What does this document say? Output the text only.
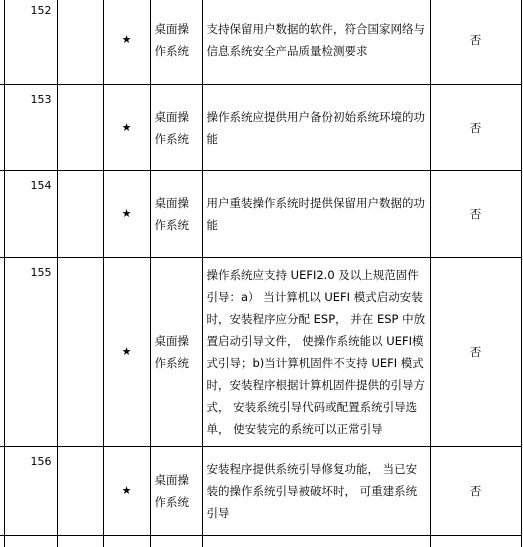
	152		★	桌面操作系统	支持保留用户数据的软件，符合国家网络与信息系统安全产品质量检测要求	否
	153		★	桌面操作系统	操作系统应提供用户备份初始系统环境的功能	否
	154		★	桌面操作系统	用户重装操作系统时提供保留用户数据的功能	否
	155		★	桌面操作系统	操作系统应支持 UEFI2.0 及以上规范固件引导：a） 当计算机以 UEFI 模式启动安装时，安装程序应分配 ESP， 并在 ESP 中放置启动引导文件， 使操作系统能以 UEFI模式引导；b)当计算机固件不支持 UEFI 模式时，安装程序根据计算机固件提供的引导方式， 安装系统引导代码或配置系统引导选单， 使安装完的系统可以正常引导	否
	156		★	桌面操作系统	安装程序提供系统引导修复功能， 当已安装的操作系统引导被破坏时， 可重建系统引导	否
